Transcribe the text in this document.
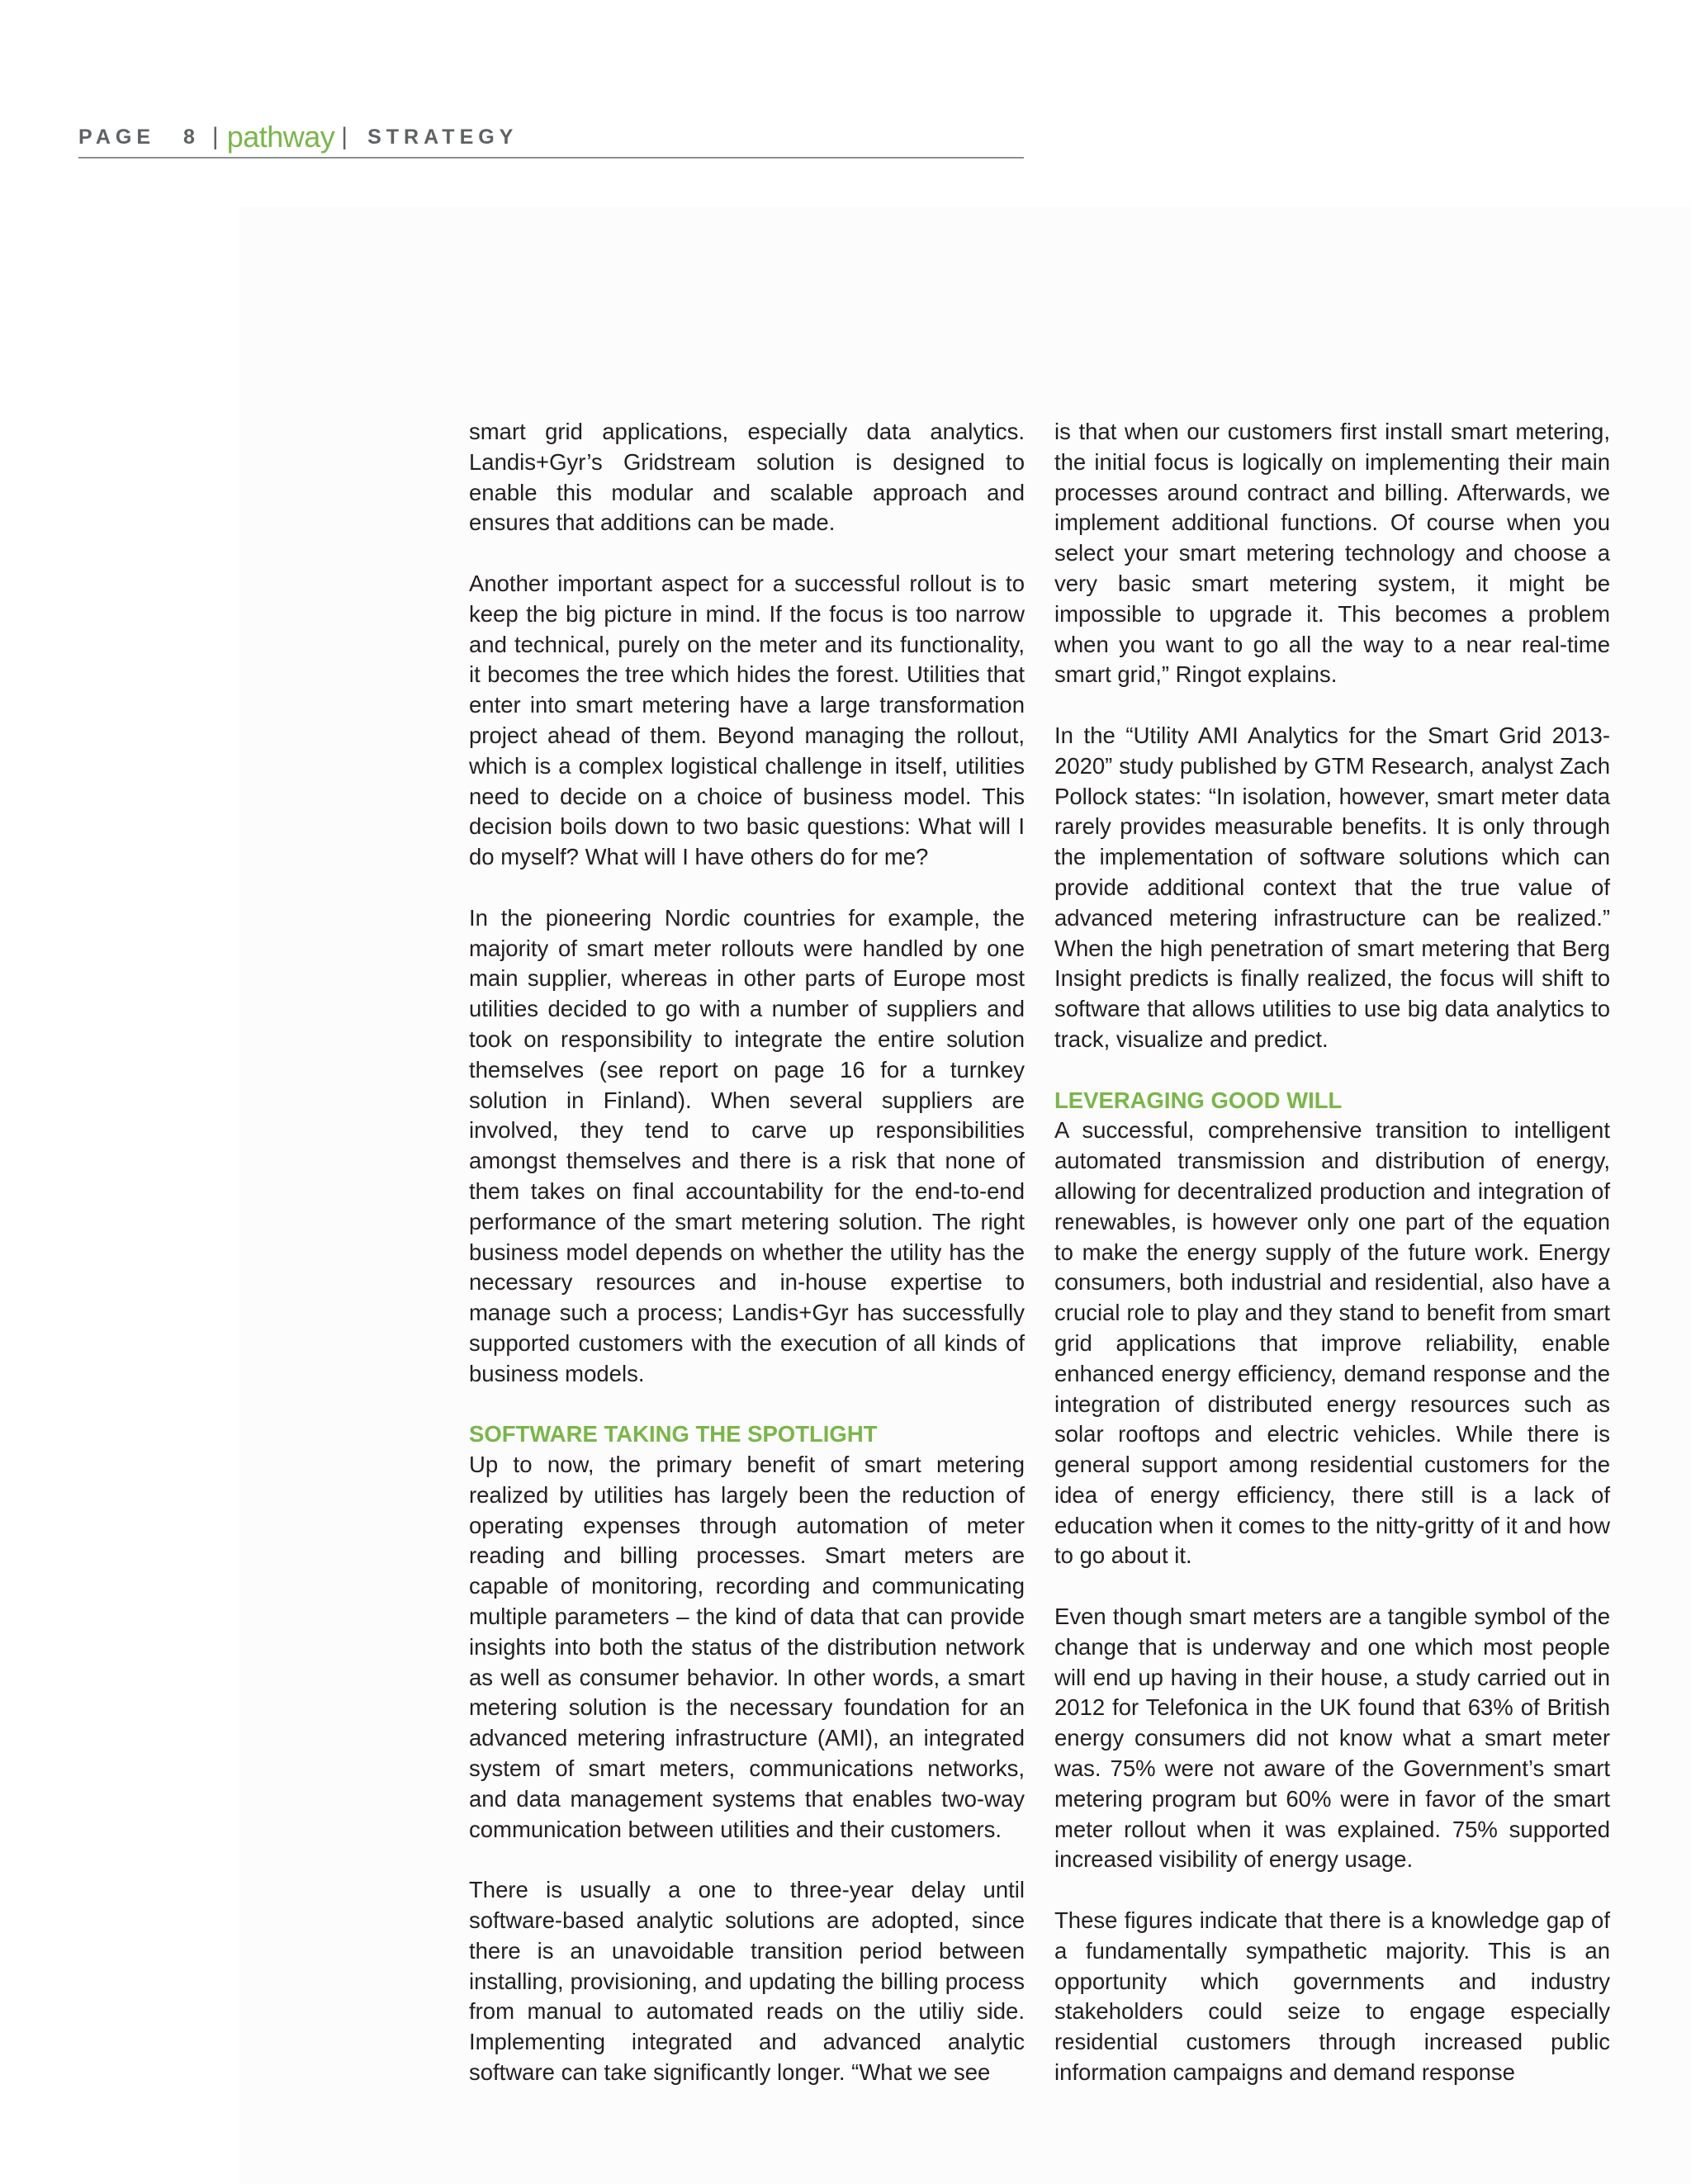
PAGE 8 | pathway | STRATEGY

smart grid applications, especially data analytics. Landis+Gyr’s Gridstream solution is designed to enable this modular and scalable approach and ensures that additions can be made.

Another important aspect for a successful rollout is to keep the big picture in mind. If the focus is too narrow and technical, purely on the meter and its functionality, it becomes the tree which hides the forest. Utilities that enter into smart metering have a large transformation project ahead of them. Beyond managing the rollout, which is a complex logistical challenge in itself, utilities need to decide on a choice of business model. This decision boils down to two basic questions: What will I do myself? What will I have others do for me?

In the pioneering Nordic countries for example, the majority of smart meter rollouts were handled by one main supplier, whereas in other parts of Europe most utilities decided to go with a number of suppliers and took on responsibility to integrate the entire solution themselves (see report on page 16 for a turnkey solution in Finland). When several suppliers are involved, they tend to carve up responsibilities amongst themselves and there is a risk that none of them takes on final accountability for the end-to-end performance of the smart metering solution. The right business model depends on whether the utility has the necessary resources and in-house expertise to manage such a process; Landis+Gyr has successfully supported customers with the execution of all kinds of business models.

SOFTWARE TAKING THE SPOTLIGHT

Up to now, the primary benefit of smart metering realized by utilities has largely been the reduction of operating expenses through automation of meter reading and billing processes. Smart meters are capable of monitoring, recording and communicating multiple parameters – the kind of data that can provide insights into both the status of the distribution network as well as consumer behavior. In other words, a smart metering solution is the necessary foundation for an advanced metering infrastructure (AMI), an integrated system of smart meters, communications networks, and data management systems that enables two-way communication between utilities and their customers.

There is usually a one to three-year delay until software-based analytic solutions are adopted, since there is an unavoidable transition period between installing, provisioning, and updating the billing process from manual to automated reads on the utiliy side. Implementing integrated and advanced analytic software can take significantly longer. “What we see

is that when our customers first install smart metering, the initial focus is logically on implementing their main processes around contract and billing. Afterwards, we implement additional functions. Of course when you select your smart metering technology and choose a very basic smart metering system, it might be impossible to upgrade it. This becomes a problem when you want to go all the way to a near real-time smart grid,” Ringot explains.

In the “Utility AMI Analytics for the Smart Grid 2013-2020” study published by GTM Research, analyst Zach Pollock states: “In isolation, however, smart meter data rarely provides measurable benefits. It is only through the implementation of software solutions which can provide additional context that the true value of advanced metering infrastructure can be realized.” When the high penetration of smart metering that Berg Insight predicts is finally realized, the focus will shift to software that allows utilities to use big data analytics to track, visualize and predict.

LEVERAGING GOOD WILL

A successful, comprehensive transition to intelligent automated transmission and distribution of energy, allowing for decentralized production and integration of renewables, is however only one part of the equation to make the energy supply of the future work. Energy consumers, both industrial and residential, also have a crucial role to play and they stand to benefit from smart grid applications that improve reliability, enable enhanced energy efficiency, demand response and the integration of distributed energy resources such as solar rooftops and electric vehicles. While there is general support among residential customers for the idea of energy efficiency, there still is a lack of education when it comes to the nitty-gritty of it and how to go about it.

Even though smart meters are a tangible symbol of the change that is underway and one which most people will end up having in their house, a study carried out in 2012 for Telefonica in the UK found that 63% of British energy consumers did not know what a smart meter was. 75% were not aware of the Government’s smart metering program but 60% were in favor of the smart meter rollout when it was explained. 75% supported increased visibility of energy usage.

These figures indicate that there is a knowledge gap of a fundamentally sympathetic majority. This is an opportunity which governments and industry stakeholders could seize to engage especially residential customers through increased public information campaigns and demand response
